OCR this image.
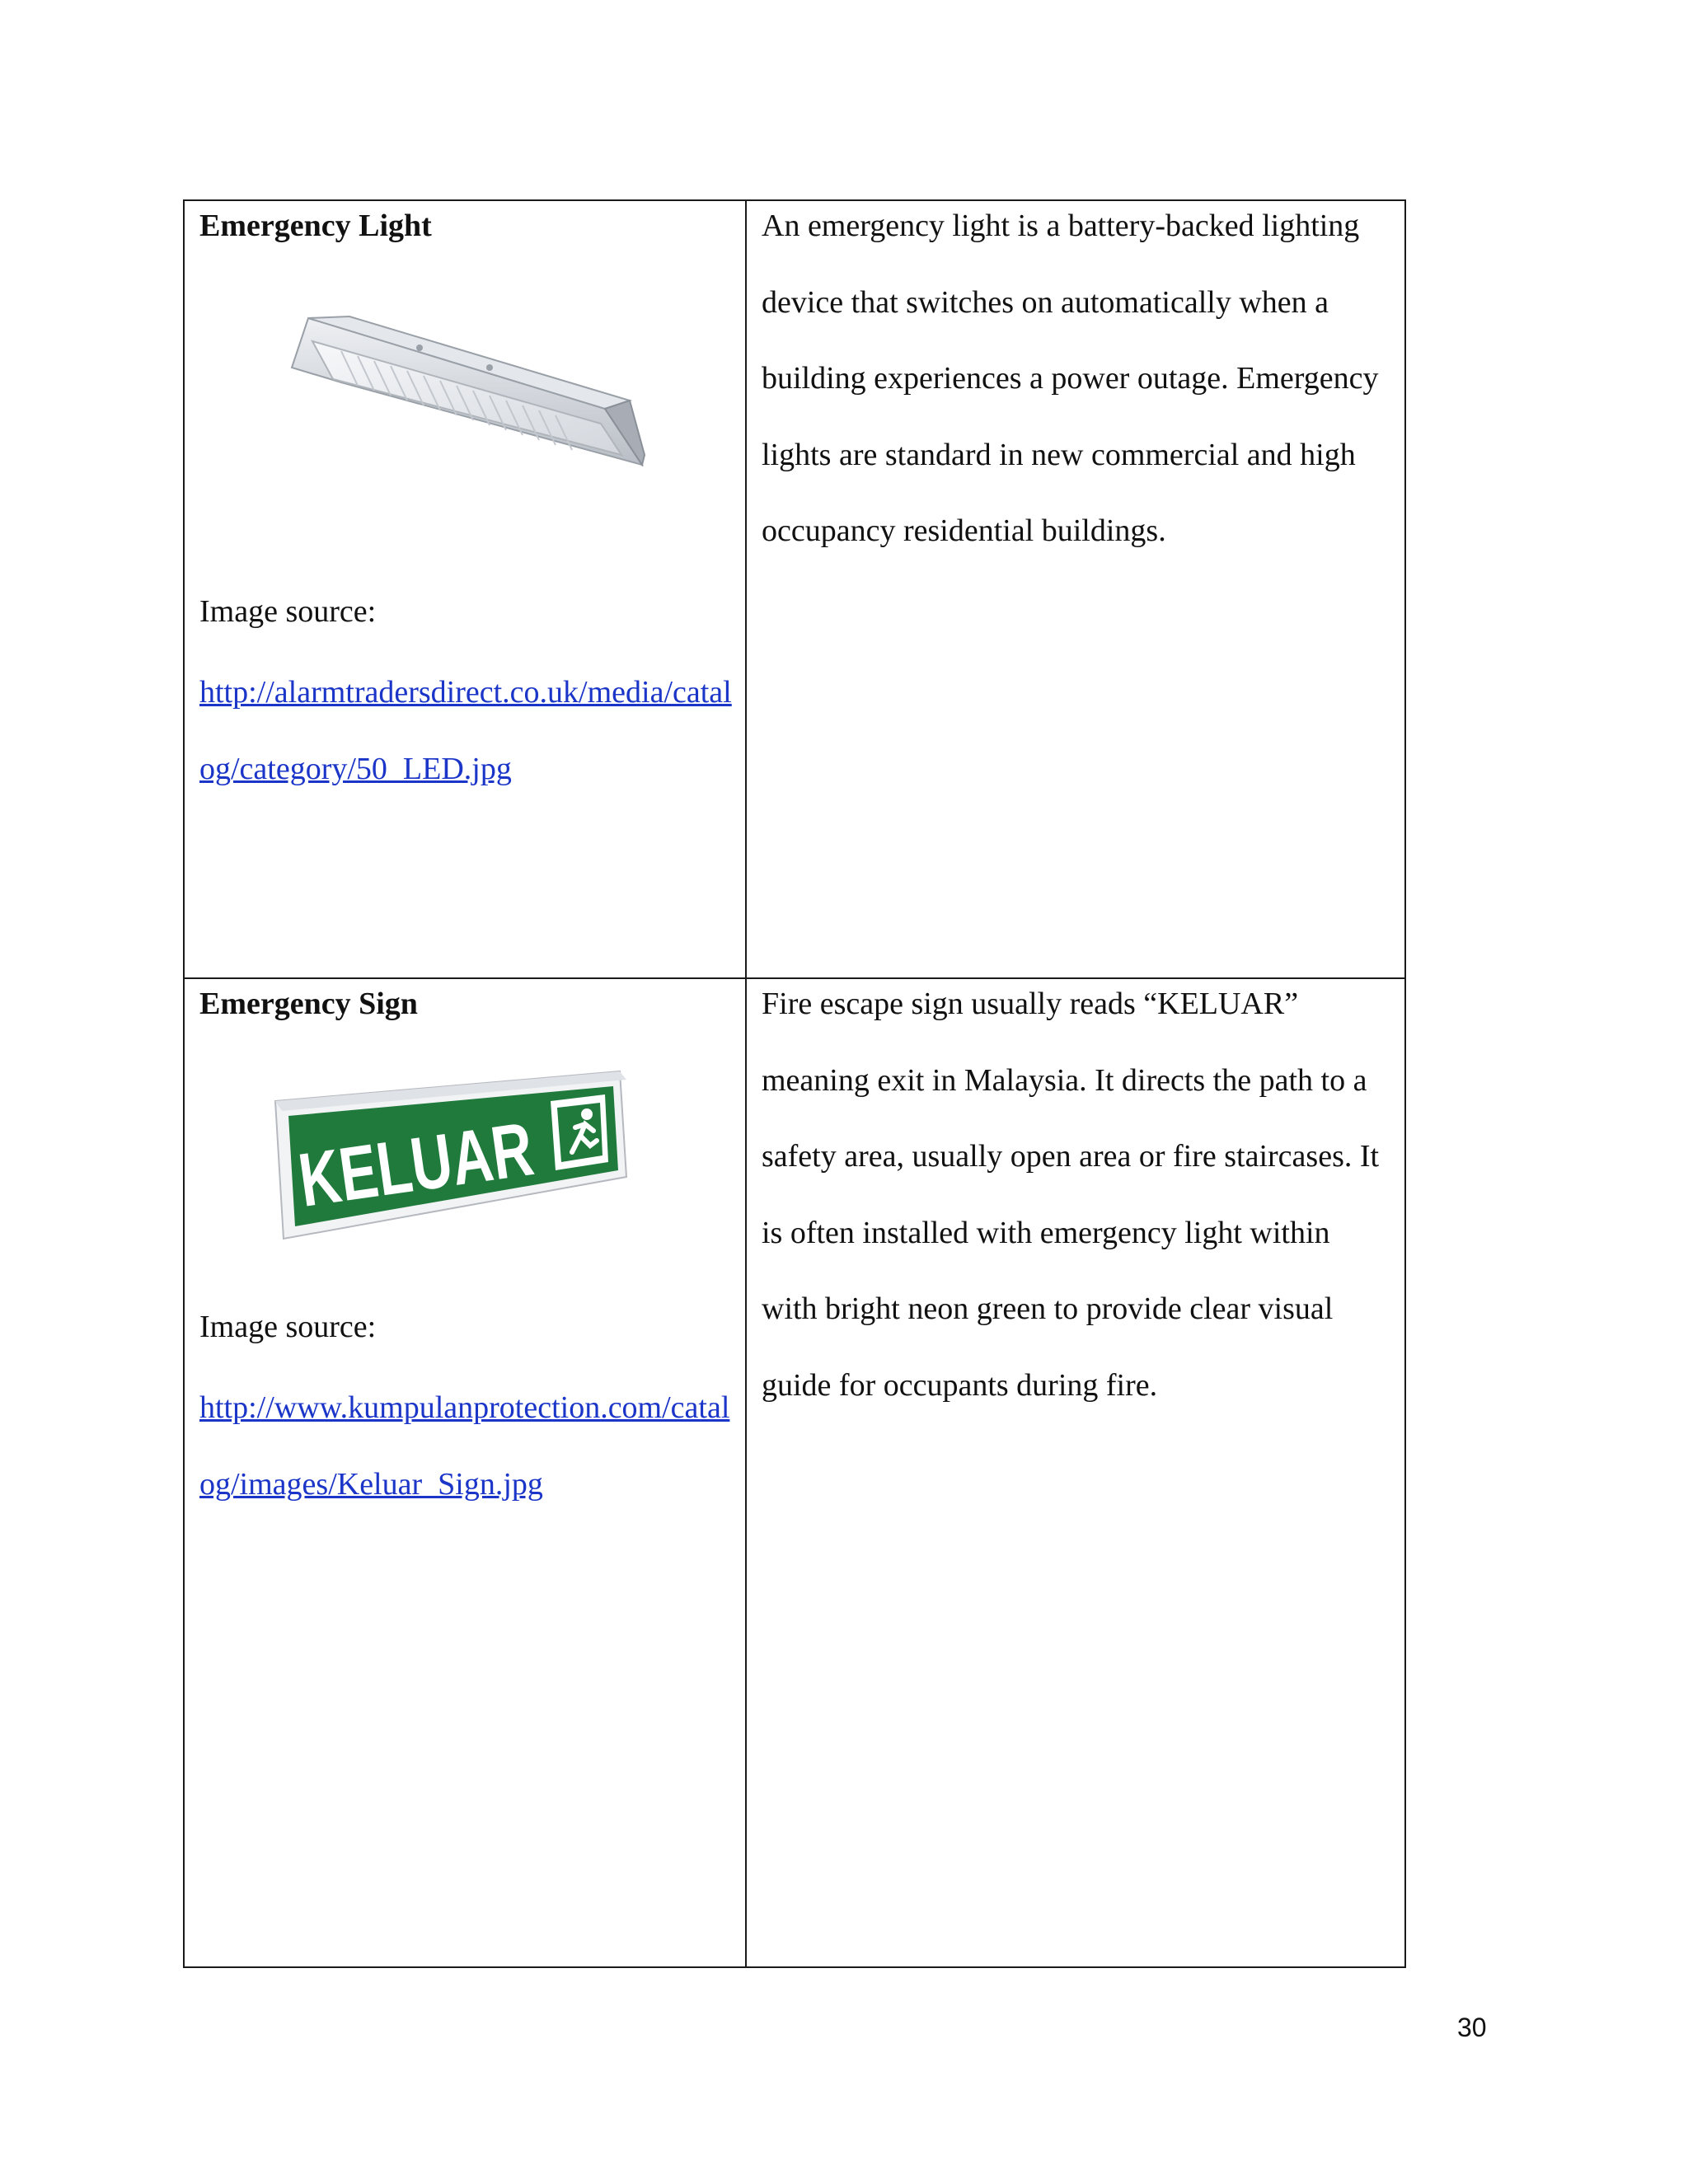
Emergency Light

Image source:

http://alarmtradersdirect.co.uk/media/catalog/category/50_LED.jpg

An emergency light is a battery-backed lighting device that switches on automatically when a building experiences a power outage. Emergency lights are standard in new commercial and high occupancy residential buildings.

Emergency Sign

KELUAR

Image source:

http://www.kumpulanprotection.com/catalog/images/Keluar_Sign.jpg

Fire escape sign usually reads “KELUAR” meaning exit in Malaysia. It directs the path to a safety area, usually open area or fire staircases. It is often installed with emergency light within with bright neon green to provide clear visual guide for occupants during fire.

30
